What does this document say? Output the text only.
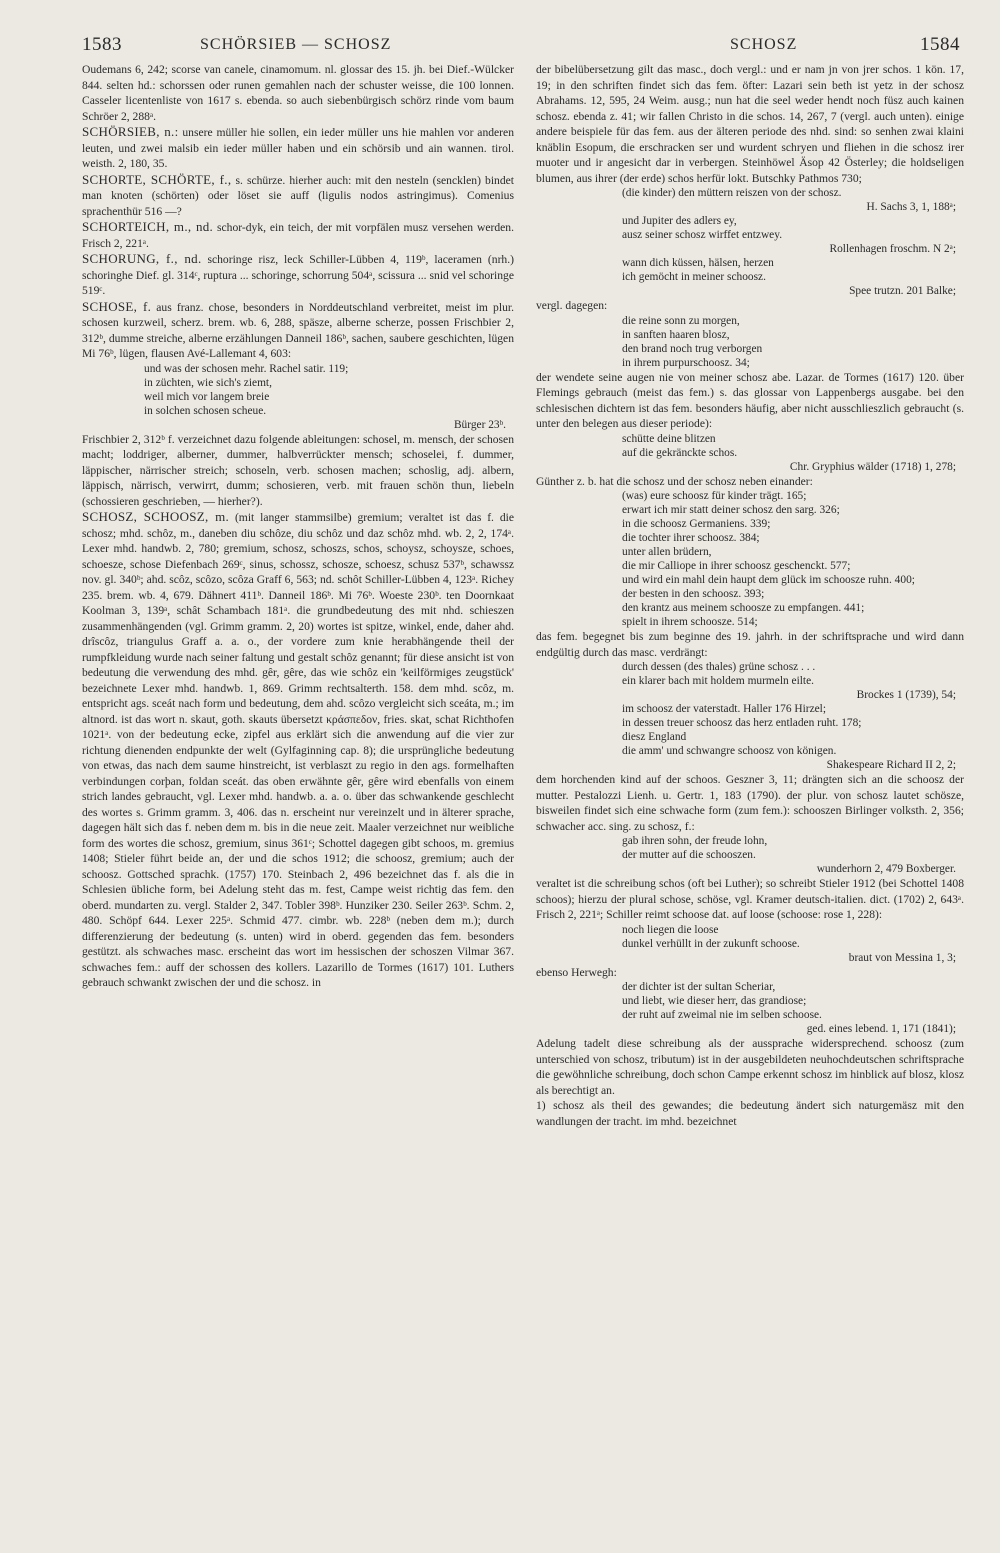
1583	SCHÖRSIEB — SCHOSZ	SCHOSZ	1584

Oudemans 6, 242; scorse van canele, cinamomum. nl. glossar des 15. jh. bei Dief.-Wülcker 844. selten hd.: schorssen oder runen gemahlen nach der schuster weisse, die 100 lonnen. Casseler licentenliste von 1617 s. ebenda. so auch siebenbürgisch schörz rinde vom baum Schröer 2, 288ᵃ.

SCHÖRSIEB, n.: unsere müller hie sollen, ein ieder müller uns hie mahlen vor anderen leuten, und zwei malsib ein ieder müller haben und ein schörsib und ain wannen. tirol. weisth. 2, 180, 35.

SCHORTE, SCHÖRTE, f., s. schürze. hierher auch: mit den nesteln (sencklen) bindet man knoten (schörten) oder löset sie auff (ligulis nodos astringimus). Comenius sprachenthür 516 —?

SCHORTEICH, m., nd. schor-dyk, ein teich, der mit vorpfälen musz versehen werden. Frisch 2, 221ᵃ.

SCHORUNG, f., nd. schoringe risz, leck Schiller-Lübben 4, 119ᵇ, laceramen (nrh.) schoringhe Dief. gl. 314ᶜ, ruptura ... schoringe, schorrung 504ᵃ, scissura ... snid vel schoringe 519ᶜ.

SCHOSE, f. aus franz. chose, besonders in Norddeutschland verbreitet, meist im plur. schosen kurzweil, scherz. brem. wb. 6, 288, späsze, alberne scherze, possen Frischbier 2, 312ᵇ, dumme streiche, alberne erzählungen Danneil 186ᵇ, sachen, saubere geschichten, lügen Mi 76ᵇ, lügen, flausen Avé-Lallemant 4, 603:

und was der schosen mehr. Rachel satir. 119;
in züchten, wie sich's ziemt,
weil mich vor langem breie
in solchen schosen scheue.
Bürger 23ᵇ.

Frischbier 2, 312ᵇ f. verzeichnet dazu folgende ableitungen: schosel, m. mensch, der schosen macht; loddriger, alberner, dummer, halbverrückter mensch; schoselei, f. dummer, läppischer, närrischer streich; schoseln, verb. schosen machen; schoslig, adj. albern, läppisch, närrisch, verwirrt, dumm; schosieren, verb. mit frauen schön thun, liebeln (schossieren geschrieben, — hierher?).

SCHOSZ, SCHOOSZ, m. (mit langer stammsilbe) gremium; veraltet ist das f. die schosz; mhd. schôz, m., daneben diu schôze, diu schôz und daz schôz mhd. wb. 2, 2, 174ᵃ. Lexer mhd. handwb. 2, 780; gremium, schosz, schoszs, schos, schoysz, schoysze, schoes, schoesze, schose Diefenbach 269ᶜ, sinus, schossz, schosze, schoesz, schusz 537ᵇ, schawssz nov. gl. 340ᵇ; ahd. scôz, scôzo, scôza Graff 6, 563; nd. schôt Schiller-Lübben 4, 123ᵃ. Richey 235. brem. wb. 4, 679. Dähnert 411ᵇ. Danneil 186ᵇ. Mi 76ᵇ. Woeste 230ᵇ. ten Doornkaat Koolman 3, 139ᵃ, schât Schambach 181ᵃ. die grundbedeutung des mit nhd. schieszen zusammenhängenden (vgl. Grimm gramm. 2, 20) wortes ist spitze, winkel, ende, daher ahd. drîscôz, triangulus Graff a. a. o., der vordere zum knie herabhängende theil der rumpfkleidung wurde nach seiner faltung und gestalt schôz genannt; für diese ansicht ist von bedeutung die verwendung des mhd. gêr, gêre, das wie schôz ein 'keilförmiges zeugstück' bezeichnete Lexer mhd. handwb. 1, 869. Grimm rechtsalterth. 158. dem mhd. scôz, m. entspricht ags. sceát nach form und bedeutung, dem ahd. scôzo vergleicht sich sceáta, m.; im altnord. ist das wort n. skaut, goth. skauts übersetzt κράσπεδον, fries. skat, schat Richthofen 1021ᵃ. von der bedeutung ecke, zipfel aus erklärt sich die anwendung auf die vier zur richtung dienenden endpunkte der welt (Gylfaginning cap. 8); die ursprüngliche bedeutung von etwas, das nach dem saume hinstreicht, ist verblaszt zu regio in den ags. formelhaften verbindungen corþan, foldan sceát. das oben erwähnte gêr, gêre wird ebenfalls von einem strich landes gebraucht, vgl. Lexer mhd. handwb. a. a. o. über das schwankende geschlecht des wortes s. Grimm gramm. 3, 406. das n. erscheint nur vereinzelt und in älterer sprache, dagegen hält sich das f. neben dem m. bis in die neue zeit. Maaler verzeichnet nur weibliche form des wortes die schosz, gremium, sinus 361ᶜ; Schottel dagegen gibt schoos, m. gremius 1408; Stieler führt beide an, der und die schos 1912; die schoosz, gremium; auch der schoosz. Gottsched sprachk. (1757) 170. Steinbach 2, 496 bezeichnet das f. als die in Schlesien übliche form, bei Adelung steht das m. fest, Campe weist richtig das fem. den oberd. mundarten zu. vergl. Stalder 2, 347. Tobler 398ᵇ. Hunziker 230. Seiler 263ᵇ. Schm. 2, 480. Schöpf 644. Lexer 225ᵃ. Schmid 477. cimbr. wb. 228ᵇ (neben dem m.); durch differenzierung der bedeutung (s. unten) wird in oberd. gegenden das fem. besonders gestützt. als schwaches masc. erscheint das wort im hessischen der schoszen Vilmar 367. schwaches fem.: auff der schossen des kollers. Lazarillo de Tormes (1617) 101. Luthers gebrauch schwankt zwischen der und die schosz. in

der bibelübersetzung gilt das masc., doch vergl.: und er nam jn von jrer schos. 1 kön. 17, 19; in den schriften findet sich das fem. öfter: Lazari sein beth ist yetz in der schosz Abrahams. 12, 595, 24 Weim. ausg.; nun hat die seel weder hendt noch füsz auch kainen schosz. ebenda z. 41; wir fallen Christo in die schos. 14, 267, 7 (vergl. auch unten). einige andere beispiele für das fem. aus der älteren periode des nhd. sind: so senhen zwai klaini knäblin Esopum, die erschracken ser und wurdent schryen und fliehen in die schosz irer muoter und ir angesicht dar in verbergen. Steinhöwel Äsop 42 Österley; die holdseligen blumen, aus ihrer (der erde) schos herfür lokt. Butschky Pathmos 730;

(die kinder) den müttern reiszen von der schosz.
H. Sachs 3, 1, 188ᵃ;
und Jupiter des adlers ey,
ausz seiner schosz wirffet entzwey.
Rollenhagen froschm. N 2ᵃ;
wann dich küssen, hälsen, herzen
ich gemöcht in meiner schoosz.
Spee trutzn. 201 Balke;

vergl. dagegen:

die reine sonn zu morgen,
in sanften haaren blosz,
den brand noch trug verborgen
in ihrem purpurschoosz. 34;

der wendete seine augen nie von meiner schosz abe. Lazar. de Tormes (1617) 120. über Flemings gebrauch (meist das fem.) s. das glossar von Lappenbergs ausgabe. bei den schlesischen dichtern ist das fem. besonders häufig, aber nicht ausschlieszlich gebraucht (s. unter den belegen aus dieser periode):

schütte deine blitzen
auf die gekränckte schos.
Chr. Gryphius wälder (1718) 1, 278;

Günther z. b. hat die schosz und der schosz neben einander:

(was) eure schoosz für kinder trägt. 165;
erwart ich mir statt deiner schosz den sarg. 326;
in die schoosz Germaniens. 339;
die tochter ihrer schoosz. 384;
unter allen brüdern,
die mir Calliope in ihrer schoosz geschenckt. 577;
und wird ein mahl dein haupt dem glück im schoosze ruhn. 400;
der besten in den schoosz. 393;
den krantz aus meinem schoosze zu empfangen. 441;
spielt in ihrem schoosze. 514;

das fem. begegnet bis zum beginne des 19. jahrh. in der schriftsprache und wird dann endgültig durch das masc. verdrängt:

durch dessen (des thales) grüne schosz . . .
ein klarer bach mit holdem murmeln eilte.
Brockes 1 (1739), 54;
im schoosz der vaterstadt. Haller 176 Hirzel;
in dessen treuer schoosz das herz entladen ruht. 178;
diesz England
die amm' und schwangre schoosz von königen.
Shakespeare Richard II 2, 2;

dem horchenden kind auf der schoos. Geszner 3, 11; drängten sich an die schoosz der mutter. Pestalozzi Lienh. u. Gertr. 1, 183 (1790). der plur. von schosz lautet schösze, bisweilen findet sich eine schwache form (zum fem.): schooszen Birlinger volksth. 2, 356; schwacher acc. sing. zu schosz, f.:

gab ihren sohn, der freude lohn,
der mutter auf die schooszen.
wunderhorn 2, 479 Boxberger.

veraltet ist die schreibung schos (oft bei Luther); so schreibt Stieler 1912 (bei Schottel 1408 schoos); hierzu der plural schose, schöse, vgl. Kramer deutsch-italien. dict. (1702) 2, 643ᵃ. Frisch 2, 221ᵃ; Schiller reimt schoose dat. auf loose (schoose: rose 1, 228):

noch liegen die loose
dunkel verhüllt in der zukunft schoose.
braut von Messina 1, 3;

ebenso Herwegh:

der dichter ist der sultan Scheriar,
und liebt, wie dieser herr, das grandiose;
der ruht auf zweimal nie im selben schoose.
ged. eines lebend. 1, 171 (1841);

Adelung tadelt diese schreibung als der aussprache widersprechend. schoosz (zum unterschied von schosz, tributum) ist in der ausgebildeten neuhochdeutschen schriftsprache die gewöhnliche schreibung, doch schon Campe erkennt schosz im hinblick auf blosz, klosz als berechtigt an.

1) schosz als theil des gewandes; die bedeutung ändert sich naturgemäsz mit den wandlungen der tracht. im mhd. bezeichnet
